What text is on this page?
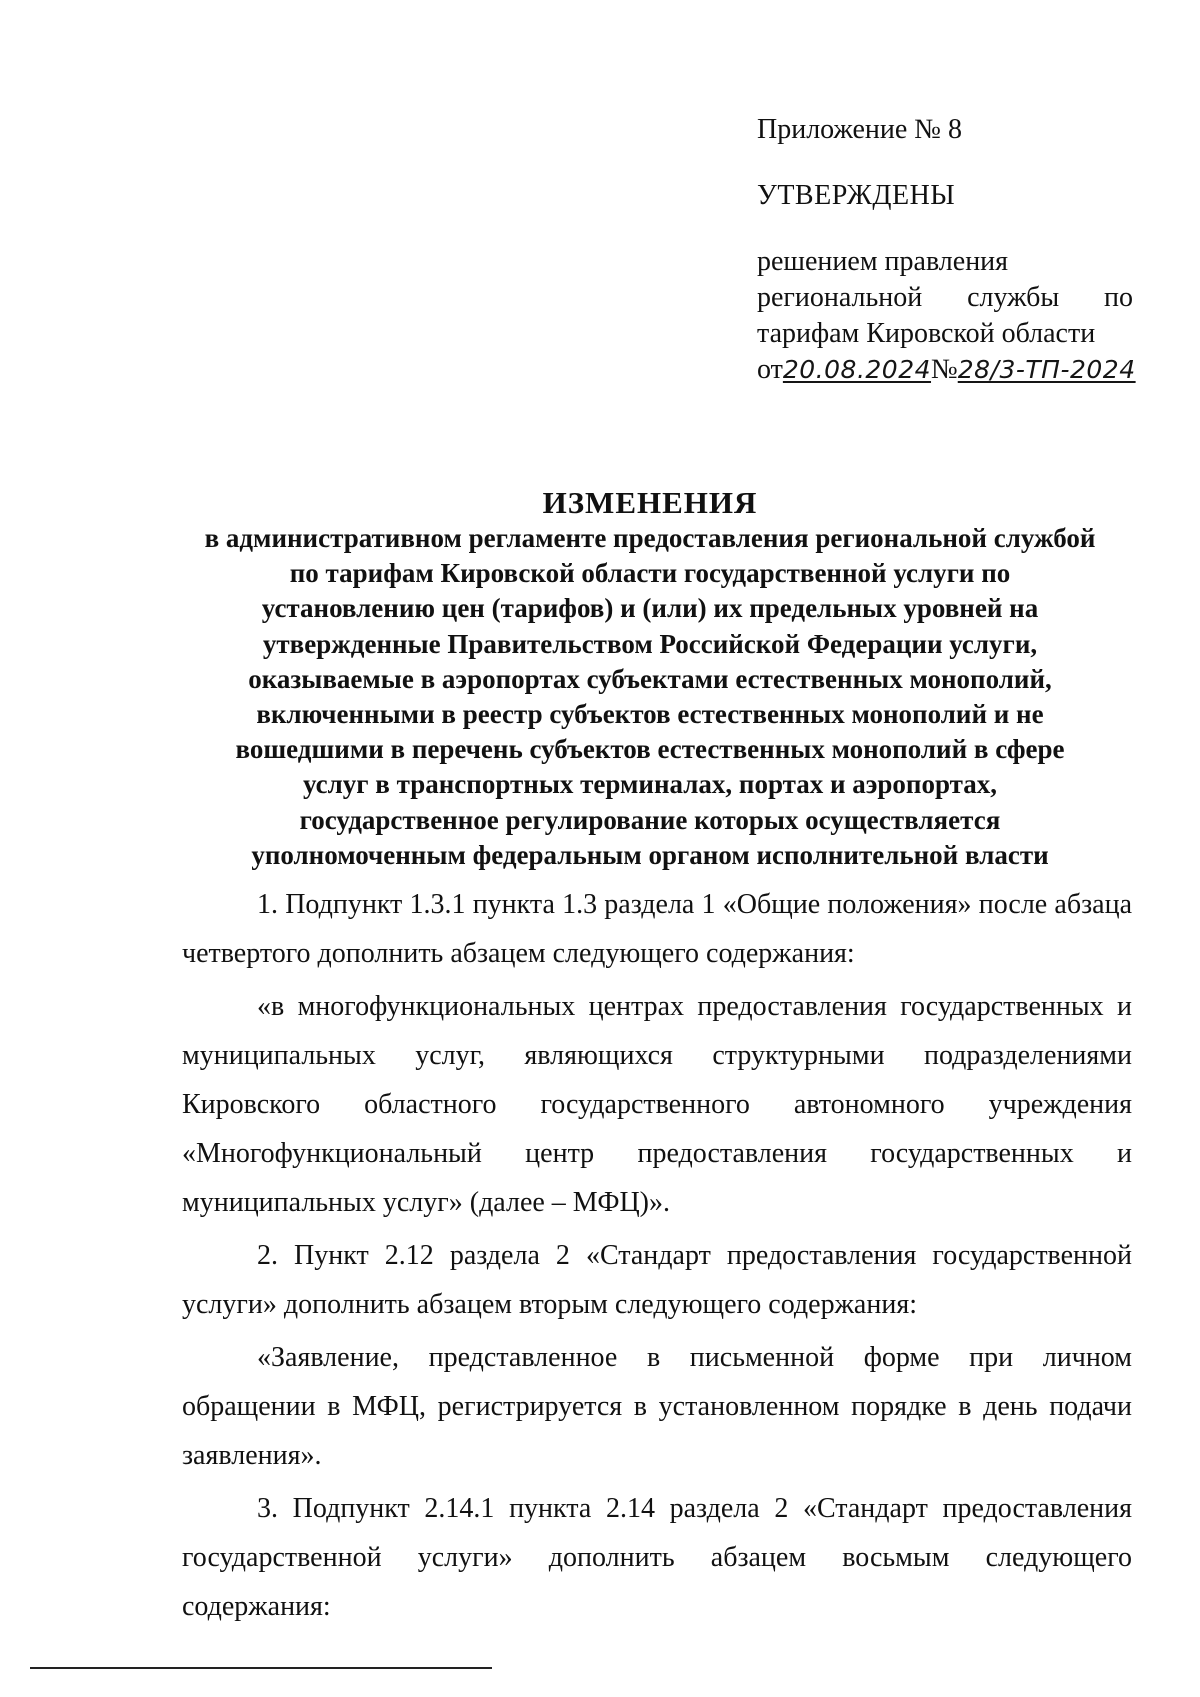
Приложение № 8
УТВЕРЖДЕНЫ
решением правления
региональной службы по
тарифам Кировской области
от20.08.2024№28/3-ТП-2024
ИЗМЕНЕНИЯ
в административном регламенте предоставления региональной службой
по тарифам Кировской области государственной услуги по
установлению цен (тарифов) и (или) их предельных уровней на
утвержденные Правительством Российской Федерации услуги,
оказываемые в аэропортах субъектами естественных монополий,
включенными в реестр субъектов естественных монополий и не
вошедшими в перечень субъектов естественных монополий в сфере
услуг в транспортных терминалах, портах и аэропортах,
государственное регулирование которых осуществляется
уполномоченным федеральным органом исполнительной власти

1. Подпункт 1.3.1 пункта 1.3 раздела 1 «Общие положения» после абзаца четвертого дополнить абзацем следующего содержания:

«в многофункциональных центрах предоставления государственных и муниципальных услуг, являющихся структурными подразделениями Кировского областного государственного автономного учреждения «Многофункциональный центр предоставления государственных и муниципальных услуг» (далее – МФЦ)».

2. Пункт 2.12 раздела 2 «Стандарт предоставления государственной услуги» дополнить абзацем вторым следующего содержания:

«Заявление, представленное в письменной форме при личном обращении в МФЦ, регистрируется в установленном порядке в день подачи заявления».

3. Подпункт 2.14.1 пункта 2.14 раздела 2 «Стандарт предоставления государственной услуги» дополнить абзацем восьмым следующего содержания:
